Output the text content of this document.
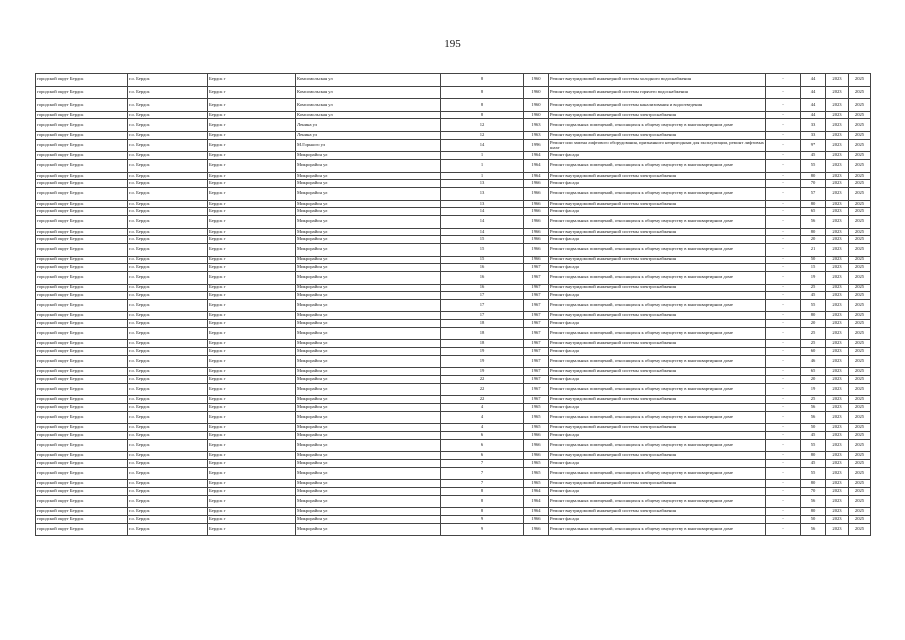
195
городской округ Бердск	г.о. Бердск	Бердск г	Комсомольская ул	8	1960	Ремонт внутридомовой инженерной системы холодного водоснабжения	-	44	2023	2025
городской округ Бердск	г.о. Бердск	Бердск г	Комсомольская ул	8	1960	Ремонт внутридомовой инженерной системы горячего водоснабжения	-	44	2023	2025
городской округ Бердск	г.о. Бердск	Бердск г	Комсомольская ул	8	1960	Ремонт внутридомовой инженерной системы канализования и водоотведения	-	44	2023	2025
городской округ Бердск	г.о. Бердск	Бердск г	Комсомольская ул	8	1960	Ремонт внутридомовой инженерной системы электроснабжения	-	44	2023	2025
городской округ Бердск	г.о. Бердск	Бердск г	Ленина ул	12	1963	Ремонт подвальных помещений, относящихся к общему имуществу в многоквартирном доме	-	33	2023	2025
городской округ Бердск	г.о. Бердск	Бердск г	Ленина ул	12	1963	Ремонт внутридомовой инженерной системы электроснабжения	-	33	2023	2025
городской округ Бердск	г.о. Бердск	Бердск г	М.Горького ул	14	1996	Ремонт или замена лифтового оборудования, признанного непригодным для эксплуатации, ремонт лифтовых шахт	-	9*	2023	2025
городской округ Бердск	г.о. Бердск	Бердск г	Микрорайон ул	1	1964	Ремонт фасада	-	45	2023	2025
городской округ Бердск	г.о. Бердск	Бердск г	Микрорайон ул	1	1964	Ремонт подвальных помещений, относящихся к общему имуществу в многоквартирном доме	-	55	2023	2025
городской округ Бердск	г.о. Бердск	Бердск г	Микрорайон ул	1	1964	Ремонт внутридомовой инженерной системы электроснабжения	-	80	2023	2025
городской округ Бердск	г.о. Бердск	Бердск г	Микрорайон ул	13	1966	Ремонт фасада	-	70	2023	2025
городской округ Бердск	г.о. Бердск	Бердск г	Микрорайон ул	13	1966	Ремонт подвальных помещений, относящихся к общему имуществу в многоквартирном доме	-	57	2023	2025
городской округ Бердск	г.о. Бердск	Бердск г	Микрорайон ул	13	1966	Ремонт внутридомовой инженерной системы электроснабжения	-	80	2023	2025
городской округ Бердск	г.о. Бердск	Бердск г	Микрорайон ул	14	1966	Ремонт фасада	-	65	2023	2025
городской округ Бердск	г.о. Бердск	Бердск г	Микрорайон ул	14	1966	Ремонт подвальных помещений, относящихся к общему имуществу в многоквартирном доме	-	56	2023	2025
городской округ Бердск	г.о. Бердск	Бердск г	Микрорайон ул	14	1966	Ремонт внутридомовой инженерной системы электроснабжения	-	80	2023	2025
городской округ Бердск	г.о. Бердск	Бердск г	Микрорайон ул	15	1966	Ремонт фасада	-	20	2023	2025
городской округ Бердск	г.о. Бердск	Бердск г	Микрорайон ул	15	1966	Ремонт подвальных помещений, относящихся к общему имуществу в многоквартирном доме	-	21	2023	2025
городской округ Бердск	г.о. Бердск	Бердск г	Микрорайон ул	15	1966	Ремонт внутридомовой инженерной системы электроснабжения	-	50	2023	2025
городской округ Бердск	г.о. Бердск	Бердск г	Микрорайон ул	16	1967	Ремонт фасада	-	15	2023	2025
городской округ Бердск	г.о. Бердск	Бердск г	Микрорайон ул	16	1967	Ремонт подвальных помещений, относящихся к общему имуществу в многоквартирном доме	-	19	2023	2025
городской округ Бердск	г.о. Бердск	Бердск г	Микрорайон ул	16	1967	Ремонт внутридомовой инженерной системы электроснабжения	-	25	2023	2025
городской округ Бердск	г.о. Бердск	Бердск г	Микрорайон ул	17	1967	Ремонт фасада	-	45	2023	2025
городской округ Бердск	г.о. Бердск	Бердск г	Микрорайон ул	17	1967	Ремонт подвальных помещений, относящихся к общему имуществу в многоквартирном доме	-	55	2023	2025
городской округ Бердск	г.о. Бердск	Бердск г	Микрорайон ул	17	1967	Ремонт внутридомовой инженерной системы электроснабжения	-	80	2023	2025
городской округ Бердск	г.о. Бердск	Бердск г	Микрорайон ул	18	1967	Ремонт фасада	-	20	2023	2025
городской округ Бердск	г.о. Бердск	Бердск г	Микрорайон ул	18	1967	Ремонт подвальных помещений, относящихся к общему имуществу в многоквартирном доме	-	25	2023	2025
городской округ Бердск	г.о. Бердск	Бердск г	Микрорайон ул	18	1967	Ремонт внутридомовой инженерной системы электроснабжения	-	25	2023	2025
городской округ Бердск	г.о. Бердск	Бердск г	Микрорайон ул	19	1967	Ремонт фасада	-	60	2023	2025
городской округ Бердск	г.о. Бердск	Бердск г	Микрорайон ул	19	1967	Ремонт подвальных помещений, относящихся к общему имуществу в многоквартирном доме	-	46	2023	2025
городской округ Бердск	г.о. Бердск	Бердск г	Микрорайон ул	19	1967	Ремонт внутридомовой инженерной системы электроснабжения	-	65	2023	2025
городской округ Бердск	г.о. Бердск	Бердск г	Микрорайон ул	22	1967	Ремонт фасада	-	20	2023	2025
городской округ Бердск	г.о. Бердск	Бердск г	Микрорайон ул	22	1967	Ремонт подвальных помещений, относящихся к общему имуществу в многоквартирном доме	-	19	2023	2025
городской округ Бердск	г.о. Бердск	Бердск г	Микрорайон ул	22	1967	Ремонт внутридомовой инженерной системы электроснабжения	-	25	2023	2025
городской округ Бердск	г.о. Бердск	Бердск г	Микрорайон ул	4	1965	Ремонт фасада	-	56	2023	2025
городской округ Бердск	г.о. Бердск	Бердск г	Микрорайон ул	4	1965	Ремонт подвальных помещений, относящихся к общему имуществу в многоквартирном доме	-	56	2023	2025
городской округ Бердск	г.о. Бердск	Бердск г	Микрорайон ул	4	1965	Ремонт внутридомовой инженерной системы электроснабжения	-	50	2023	2025
городской округ Бердск	г.о. Бердск	Бердск г	Микрорайон ул	6	1966	Ремонт фасада	-	45	2023	2025
городской округ Бердск	г.о. Бердск	Бердск г	Микрорайон ул	6	1966	Ремонт подвальных помещений, относящихся к общему имуществу в многоквартирном доме	-	55	2023	2025
городской округ Бердск	г.о. Бердск	Бердск г	Микрорайон ул	6	1966	Ремонт внутридомовой инженерной системы электроснабжения	-	80	2023	2025
городской округ Бердск	г.о. Бердск	Бердск г	Микрорайон ул	7	1965	Ремонт фасада	-	45	2023	2025
городской округ Бердск	г.о. Бердск	Бердск г	Микрорайон ул	7	1965	Ремонт подвальных помещений, относящихся к общему имуществу в многоквартирном доме	-	55	2023	2025
городской округ Бердск	г.о. Бердск	Бердск г	Микрорайон ул	7	1965	Ремонт внутридомовой инженерной системы электроснабжения	-	80	2023	2025
городской округ Бердск	г.о. Бердск	Бердск г	Микрорайон ул	8	1964	Ремонт фасада	-	70	2023	2025
городской округ Бердск	г.о. Бердск	Бердск г	Микрорайон ул	8	1964	Ремонт подвальных помещений, относящихся к общему имуществу в многоквартирном доме	-	56	2023	2025
городской округ Бердск	г.о. Бердск	Бердск г	Микрорайон ул	8	1964	Ремонт внутридомовой инженерной системы электроснабжения	-	80	2023	2025
городской округ Бердск	г.о. Бердск	Бердск г	Микрорайон ул	9	1966	Ремонт фасада	-	50	2023	2025
городской округ Бердск	г.о. Бердск	Бердск г	Микрорайон ул	9	1966	Ремонт подвальных помещений, относящихся к общему имуществу в многоквартирном доме	-	56	2023	2025
